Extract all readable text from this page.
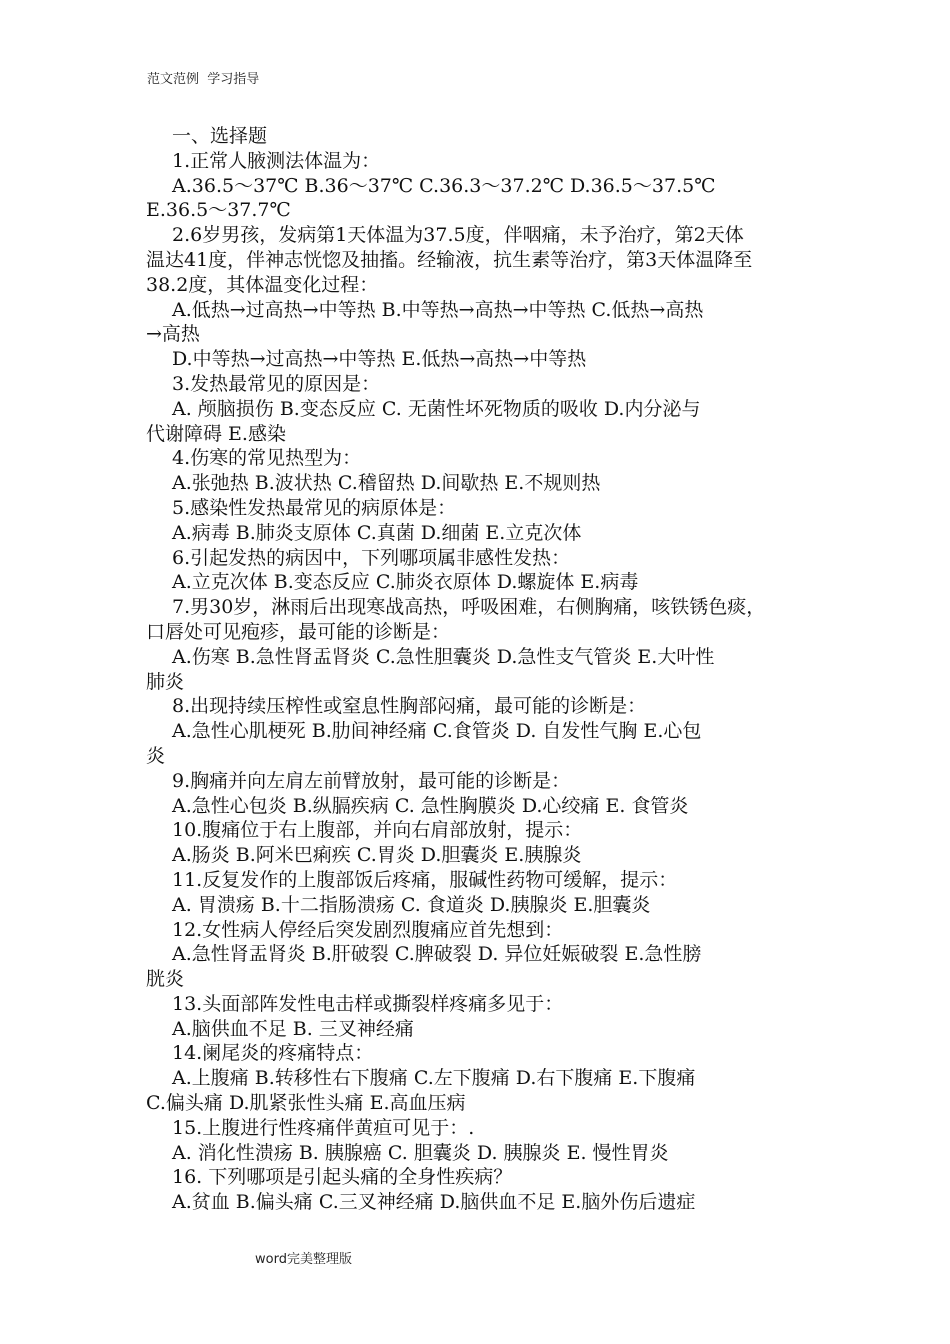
范文范例  学习指导
一、选择题
1.正常人腋测法体温为：
A.36.5～37℃ B.36～37℃ C.36.3～37.2℃ D.36.5～37.5℃
E.36.5～37.7℃
2.6岁男孩，发病第1天体温为37.5度，伴咽痛，未予治疗，第2天体
温达41度，伴神志恍惚及抽搐。经输液，抗生素等治疗，第3天体温降至
38.2度，其体温变化过程：
A.低热→过高热→中等热 B.中等热→高热→中等热 C.低热→高热
→高热
D.中等热→过高热→中等热 E.低热→高热→中等热
3.发热最常见的原因是：
A. 颅脑损伤 B.变态反应 C. 无菌性坏死物质的吸收 D.内分泌与
代谢障碍 E.感染
4.伤寒的常见热型为：
A.张弛热 B.波状热 C.稽留热 D.间歇热 E.不规则热
5.感染性发热最常见的病原体是：
A.病毒 B.肺炎支原体 C.真菌 D.细菌 E.立克次体
6.引起发热的病因中，下列哪项属非感性发热：
A.立克次体 B.变态反应 C.肺炎衣原体 D.螺旋体 E.病毒
7.男30岁，淋雨后出现寒战高热，呼吸困难，右侧胸痛，咳铁锈色痰，
口唇处可见疱疹，最可能的诊断是：
A.伤寒 B.急性肾盂肾炎 C.急性胆囊炎 D.急性支气管炎 E.大叶性
肺炎
8.出现持续压榨性或窒息性胸部闷痛，最可能的诊断是：
A.急性心肌梗死 B.肋间神经痛 C.食管炎 D. 自发性气胸 E.心包
炎
9.胸痛并向左肩左前臂放射，最可能的诊断是：
A.急性心包炎 B.纵膈疾病 C. 急性胸膜炎 D.心绞痛 E. 食管炎
10.腹痛位于右上腹部，并向右肩部放射，提示：
A.肠炎 B.阿米巴痢疾 C.胃炎 D.胆囊炎 E.胰腺炎
11.反复发作的上腹部饭后疼痛，服碱性药物可缓解，提示：
A. 胃溃疡 B.十二指肠溃疡 C. 食道炎 D.胰腺炎 E.胆囊炎
12.女性病人停经后突发剧烈腹痛应首先想到：
A.急性肾盂肾炎 B.肝破裂 C.脾破裂 D. 异位妊娠破裂 E.急性膀
胱炎
13.头面部阵发性电击样或撕裂样疼痛多见于：
A.脑供血不足 B. 三叉神经痛
14.阑尾炎的疼痛特点：
A.上腹痛 B.转移性右下腹痛 C.左下腹痛 D.右下腹痛 E.下腹痛
C.偏头痛 D.肌紧张性头痛 E.高血压病
15.上腹进行性疼痛伴黄疸可见于：.
A. 消化性溃疡 B. 胰腺癌 C. 胆囊炎 D. 胰腺炎 E. 慢性胃炎
16. 下列哪项是引起头痛的全身性疾病？
A.贫血 B.偏头痛 C.三叉神经痛 D.脑供血不足 E.脑外伤后遗症
word完美整理版
